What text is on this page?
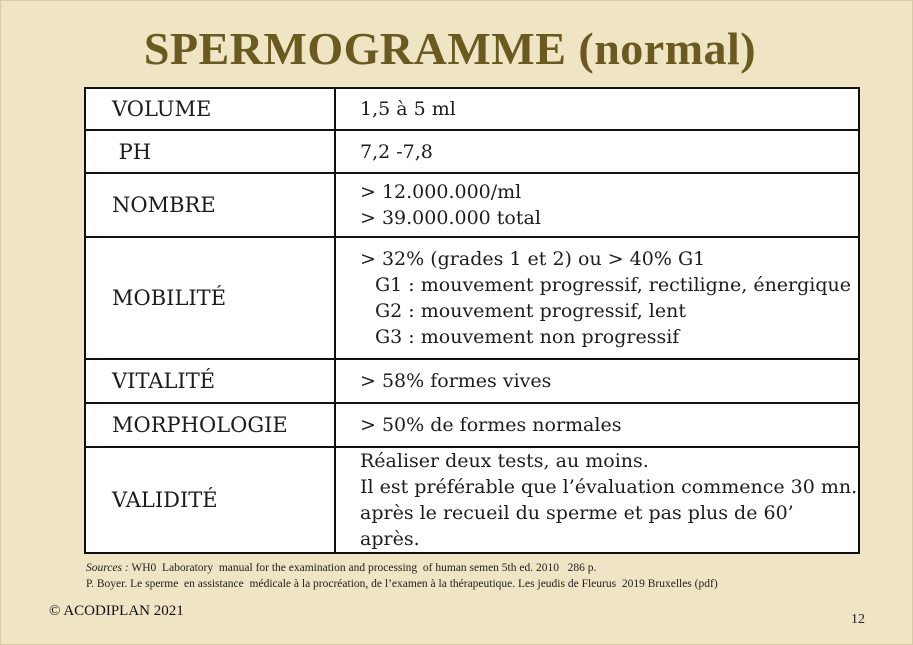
SPERMOGRAMME (normal)
VOLUME	1,5 à 5 ml

PH	7,2 -7,8

NOMBRE	> 12.000.000/ml
> 39.000.000 total

MOBILITÉ	> 32% (grades 1 et 2) ou > 40% G1
G1 : mouvement progressif, rectiligne, énergique
G2 : mouvement progressif, lent
G3 : mouvement non progressif

VITALITÉ	> 58% formes vives

MORPHOLOGIE	> 50% de formes normales

VALIDITÉ	Réaliser deux tests, au moins.
Il est préférable que l’évaluation commence 30 mn.
après le recueil du sperme et pas plus de 60’ après.
Sources : WH0  Laboratory  manual for the examination and processing  of human semen 5th ed. 2010   286 p.
P. Boyer. Le sperme  en assistance  médicale à la procréation, de l’examen à la thérapeutique. Les jeudis de Fleurus  2019 Bruxelles (pdf)
© ACODIPLAN 2021
12
